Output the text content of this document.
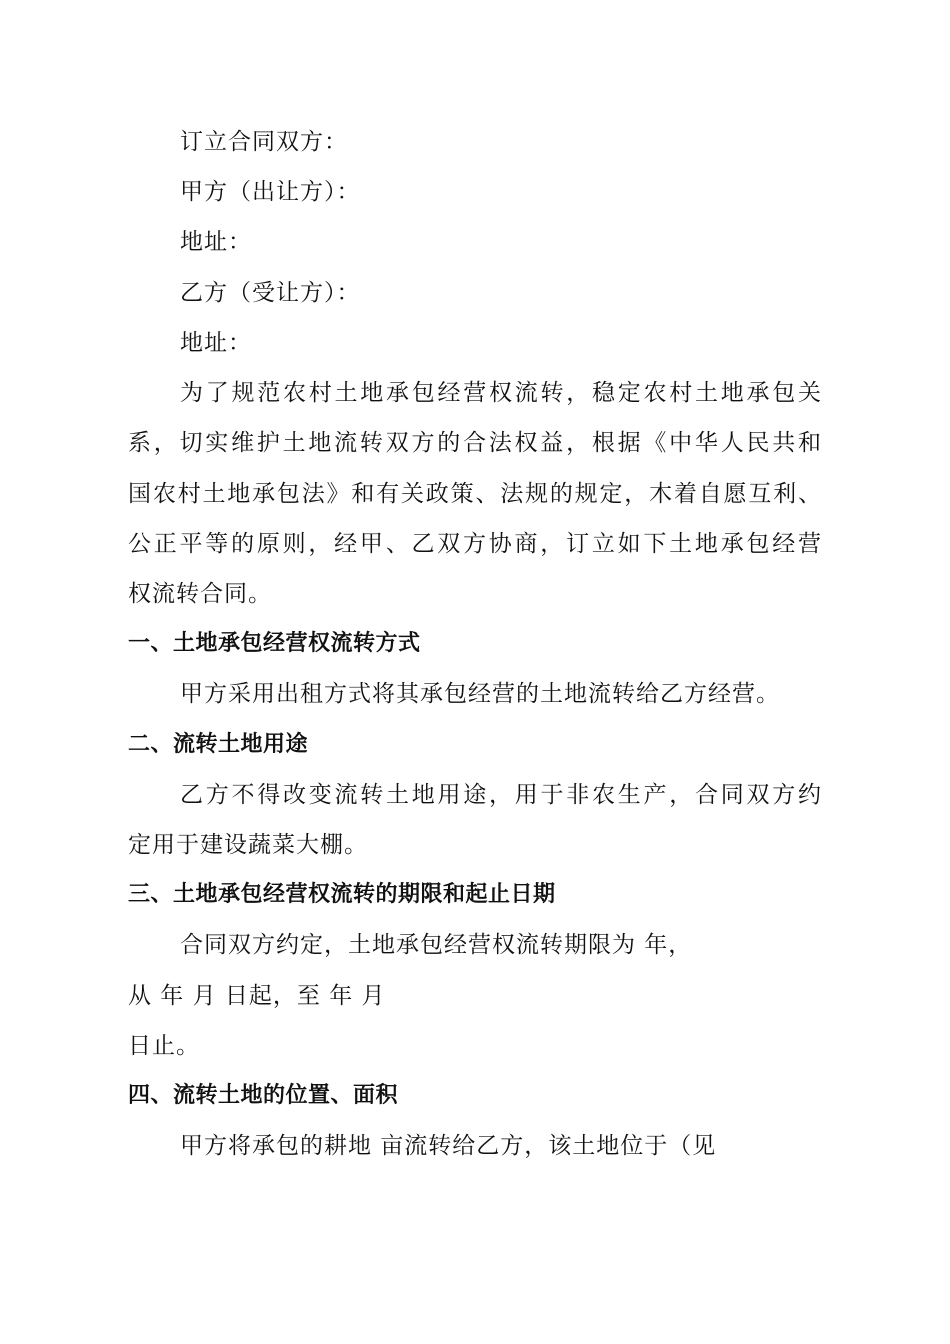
订立合同双方：
甲方（出让方）：
地址：
乙方（受让方）：
地址：
为了规范农村土地承包经营权流转，稳定农村土地承包关
系，切实维护土地流转双方的合法权益，根据《中华人民共和
国农村土地承包法》和有关政策、法规的规定，木着自愿互利、
公正平等的原则，经甲、乙双方协商，订立如下土地承包经营
权流转合同。
一、土地承包经营权流转方式
甲方采用出租方式将其承包经营的土地流转给乙方经营。
二、流转土地用途
乙方不得改变流转土地用途，用于非农生产，合同双方约
定用于建设蔬菜大棚。
三、土地承包经营权流转的期限和起止日期
合同双方约定，土地承包经营权流转期限为 年，
从 年 月 日起，至 年 月
日止。
四、流转土地的位置、面积
甲方将承包的耕地 亩流转给乙方，该土地位于（见
